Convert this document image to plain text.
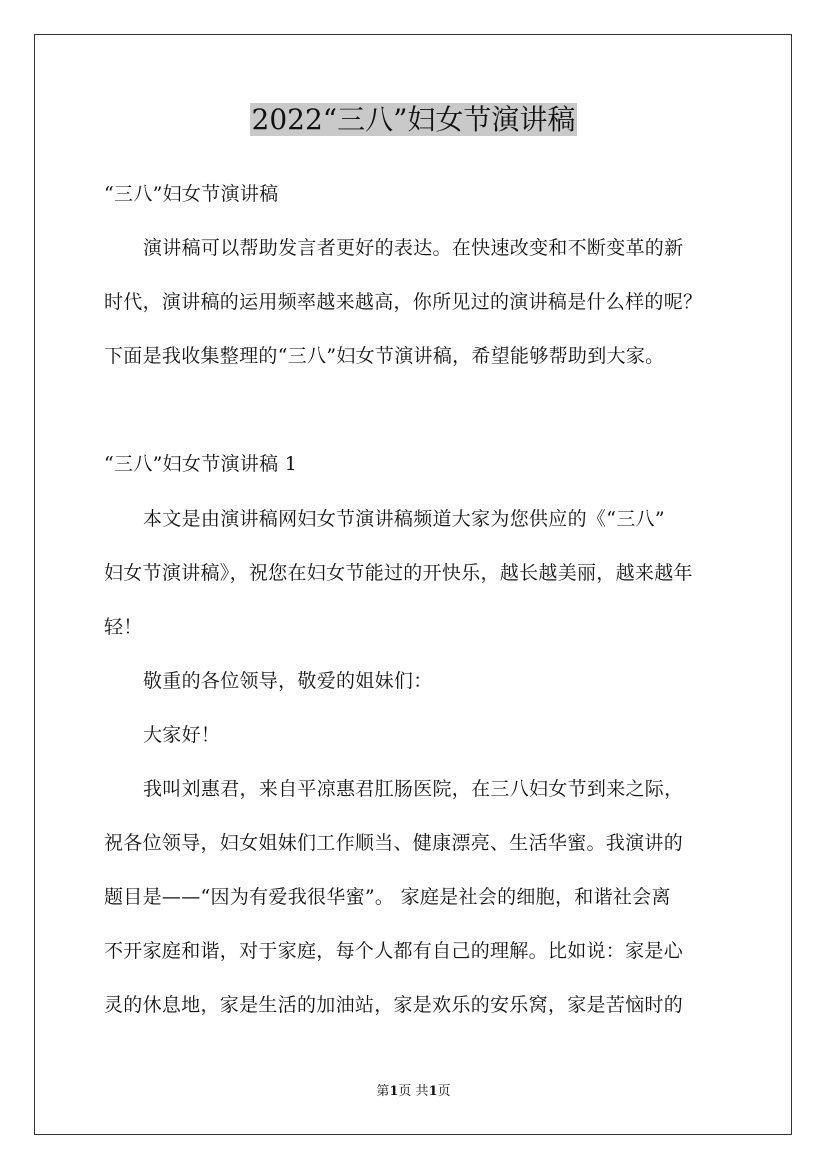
2022“三八”妇女节演讲稿
“三八”妇女节演讲稿
演讲稿可以帮助发言者更好的表达。在快速改变和不断变革的新
时代，演讲稿的运用频率越来越高，你所见过的演讲稿是什么样的呢？
下面是我收集整理的“三八”妇女节演讲稿，希望能够帮助到大家。
“三八”妇女节演讲稿 1
本文是由演讲稿网妇女节演讲稿频道大家为您供应的《“三八”
妇女节演讲稿》，祝您在妇女节能过的开快乐，越长越美丽，越来越年
轻！
敬重的各位领导，敬爱的姐妹们：
大家好！
我叫刘惠君，来自平凉惠君肛肠医院，在三八妇女节到来之际，
祝各位领导，妇女姐妹们工作顺当、健康漂亮、生活华蜜。我演讲的
题目是——“因为有爱我很华蜜”。 家庭是社会的细胞，和谐社会离
不开家庭和谐，对于家庭，每个人都有自己的理解。比如说：家是心
灵的休息地，家是生活的加油站，家是欢乐的安乐窝，家是苦恼时的
第1页 共1页
